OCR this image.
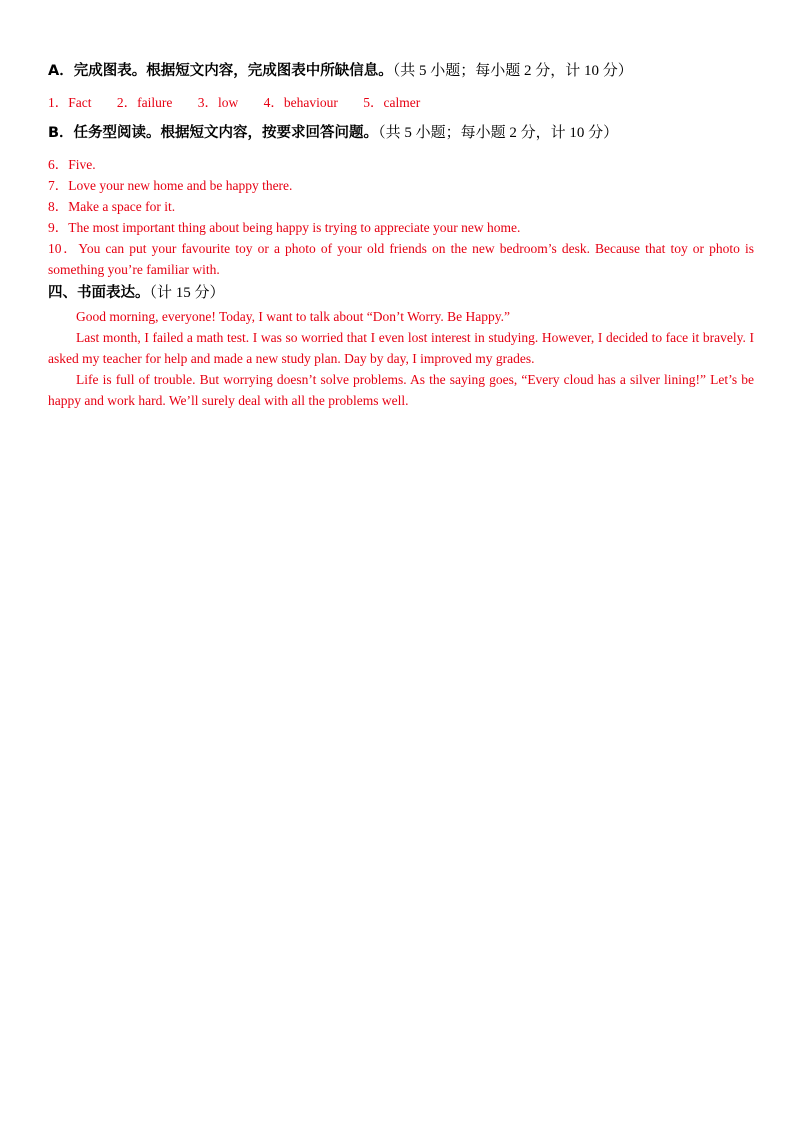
A．完成图表。根据短文内容，完成图表中所缺信息。（共 5 小题；每小题 2 分，计 10 分）
1．Fact 2．failure 3．low 4．behaviour 5．calmer
B．任务型阅读。根据短文内容，按要求回答问题。（共 5 小题；每小题 2 分，计 10 分）
6．Five.
7．Love your new home and be happy there.
8．Make a space for it.
9．The most important thing about being happy is trying to appreciate your new home.
10．You can put your favourite toy or a photo of your old friends on the new bedroom’s desk. Because that toy or photo is something you’re familiar with.
四、书面表达。（计 15 分）

Good morning, everyone! Today, I want to talk about “Don’t Worry. Be Happy.”

Last month, I failed a math test. I was so worried that I even lost interest in studying. However, I decided to face it bravely. I asked my teacher for help and made a new study plan. Day by day, I improved my grades.

Life is full of trouble. But worrying doesn’t solve problems. As the saying goes, “Every cloud has a silver lining!” Let’s be happy and work hard. We’ll surely deal with all the problems well.
